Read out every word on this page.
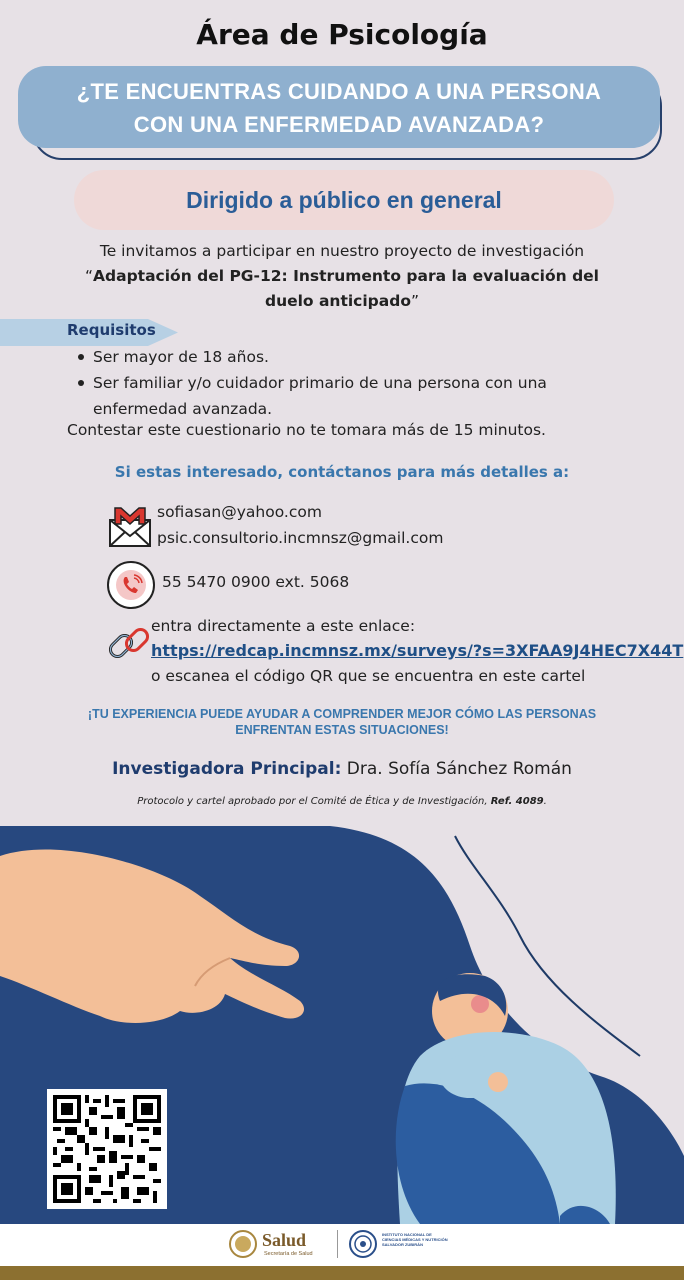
Área de Psicología
¿TE ENCUENTRAS CUIDANDO A UNA PERSONA
CON UNA ENFERMEDAD AVANZADA?
Dirigido a público en general
Te invitamos a participar en nuestro proyecto de investigación
“Adaptación del PG-12: Instrumento para la evaluación del
duelo anticipado”
Requisitos
Ser mayor de 18 años.
Ser familiar y/o cuidador primario de una persona con una
enfermedad avanzada.
Contestar este cuestionario no te tomara más de 15 minutos.
Si estas interesado, contáctanos para más detalles a:
sofiasan@yahoo.com
psic.consultorio.incmnsz@gmail.com
55 5470 0900 ext. 5068
entra directamente a este enlace:
https://redcap.incmnsz.mx/surveys/?s=3XFAA9J4HEC7X44T
o escanea el código QR que se encuentra en este cartel
¡TU EXPERIENCIA PUEDE AYUDAR A COMPRENDER MEJOR CÓMO LAS PERSONAS
ENFRENTAN ESTAS SITUACIONES!
Investigadora Principal: Dra. Sofía Sánchez Román
Protocolo y cartel aprobado por el Comité de Ética y de Investigación, Ref. 4089.
Salud
Secretaría de Salud
INSTITUTO NACIONAL DE CIENCIAS MÉDICAS Y NUTRICIÓN SALVADOR ZUBIRÁN
